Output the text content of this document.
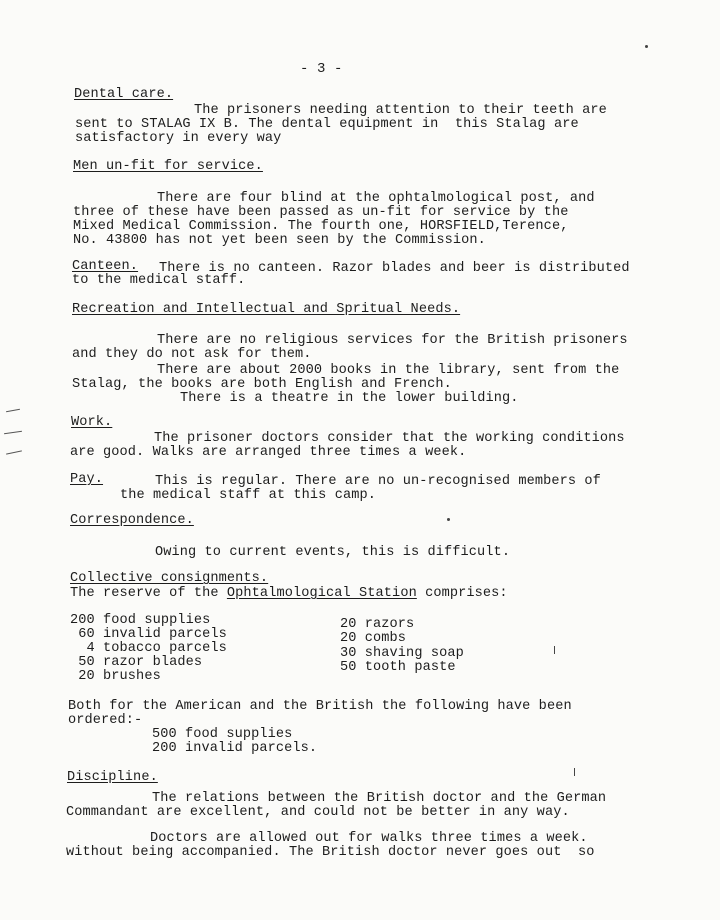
- 3 -
Dental care.
The prisoners needing attention to their teeth are
sent to STALAG IX B. The dental equipment in  this Stalag are
satisfactory in every way
Men un-fit for service.
There are four blind at the ophtalmological post, and
three of these have been passed as un-fit for service by the
Mixed Medical Commission. The fourth one, HORSFIELD,Terence,
No. 43800 has not yet been seen by the Commission.
Canteen. There is no canteen. Razor blades and beer is distributed
to the medical staff.
Recreation and Intellectual and Spritual Needs.
There are no religious services for the British prisoners
and they do not ask for them.
There are about 2000 books in the library, sent from the
Stalag, the books are both English and French.
There is a theatre in the lower building.
Work.
The prisoner doctors consider that the working conditions
are good. Walks are arranged three times a week.
Pay.	This is regular. There are no un-recognised members of
the medical staff at this camp.
Correspondence.
Owing to current events, this is difficult.
Collective consignments.
The reserve of the Ophtalmological Station comprises:
200 food supplies
60 invalid parcels
4 tobacco parcels
50 razor blades
20 brushes
20 razors
20 combs
30 shaving soap
50 tooth paste
Both for the American and the British the following have been
ordered:-
500 food supplies
200 invalid parcels.
Discipline.
The relations between the British doctor and the German
Commandant are excellent, and could not be better in any way.
Doctors are allowed out for walks three times a week.
without being accompanied. The British doctor never goes out  so
